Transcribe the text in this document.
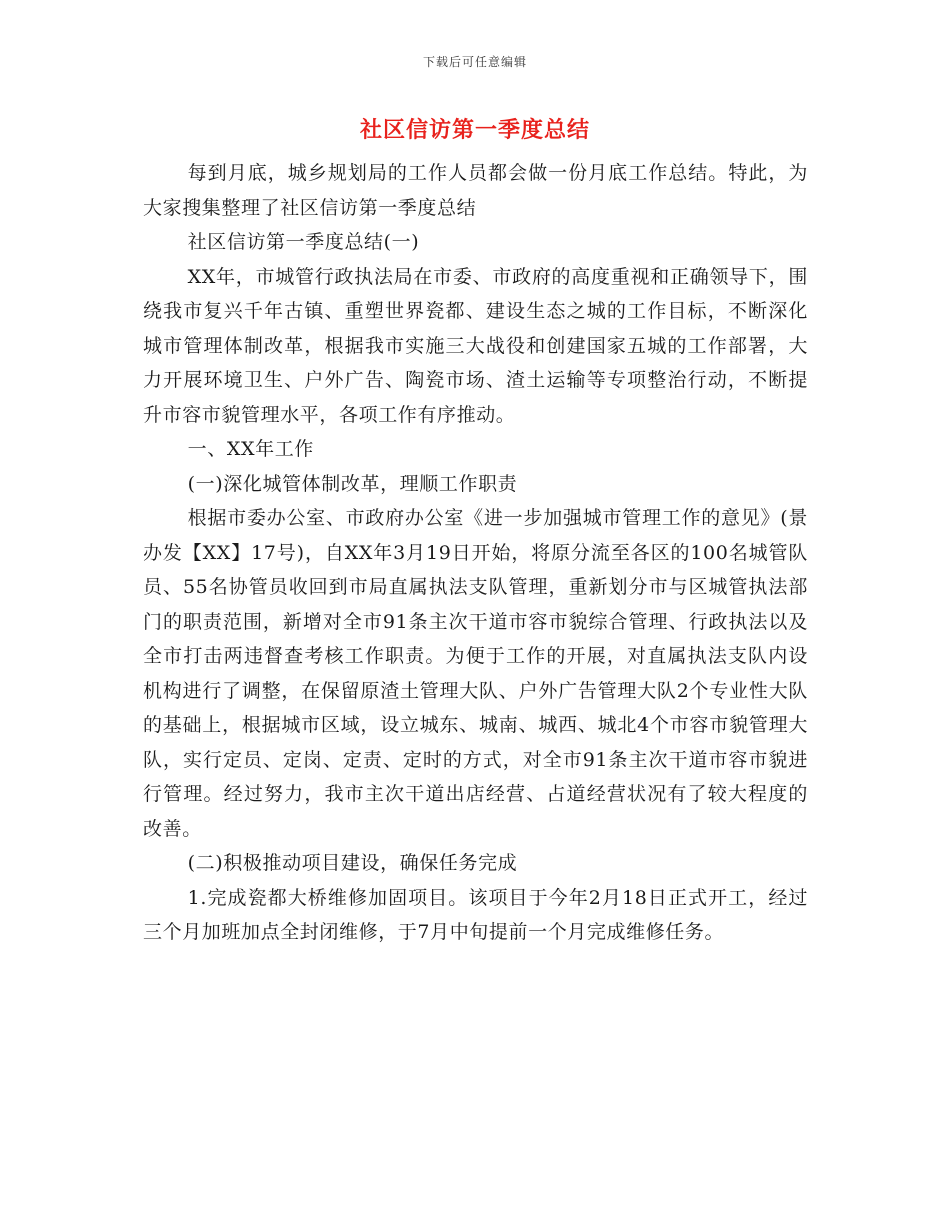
下载后可任意编辑
社区信访第一季度总结

每到月底，城乡规划局的工作人员都会做一份月底工作总结。特此，为大家搜集整理了社区信访第一季度总结

社区信访第一季度总结(一)

XX年，市城管行政执法局在市委、市政府的高度重视和正确领导下，围绕我市复兴千年古镇、重塑世界瓷都、建设生态之城的工作目标，不断深化城市管理体制改革，根据我市实施三大战役和创建国家五城的工作部署，大力开展环境卫生、户外广告、陶瓷市场、渣土运输等专项整治行动，不断提升市容市貌管理水平，各项工作有序推动。

一、XX年工作

(一)深化城管体制改革，理顺工作职责

根据市委办公室、市政府办公室《进一步加强城市管理工作的意见》(景办发【XX】17号)，自XX年3月19日开始，将原分流至各区的100名城管队员、55名协管员收回到市局直属执法支队管理，重新划分市与区城管执法部门的职责范围，新增对全市91条主次干道市容市貌综合管理、行政执法以及全市打击两违督查考核工作职责。为便于工作的开展，对直属执法支队内设机构进行了调整，在保留原渣土管理大队、户外广告管理大队2个专业性大队的基础上，根据城市区域，设立城东、城南、城西、城北4个市容市貌管理大队，实行定员、定岗、定责、定时的方式，对全市91条主次干道市容市貌进行管理。经过努力，我市主次干道出店经营、占道经营状况有了较大程度的改善。

(二)积极推动项目建设，确保任务完成

1.完成瓷都大桥维修加固项目。该项目于今年2月18日正式开工，经过三个月加班加点全封闭维修，于7月中旬提前一个月完成维修任务。
